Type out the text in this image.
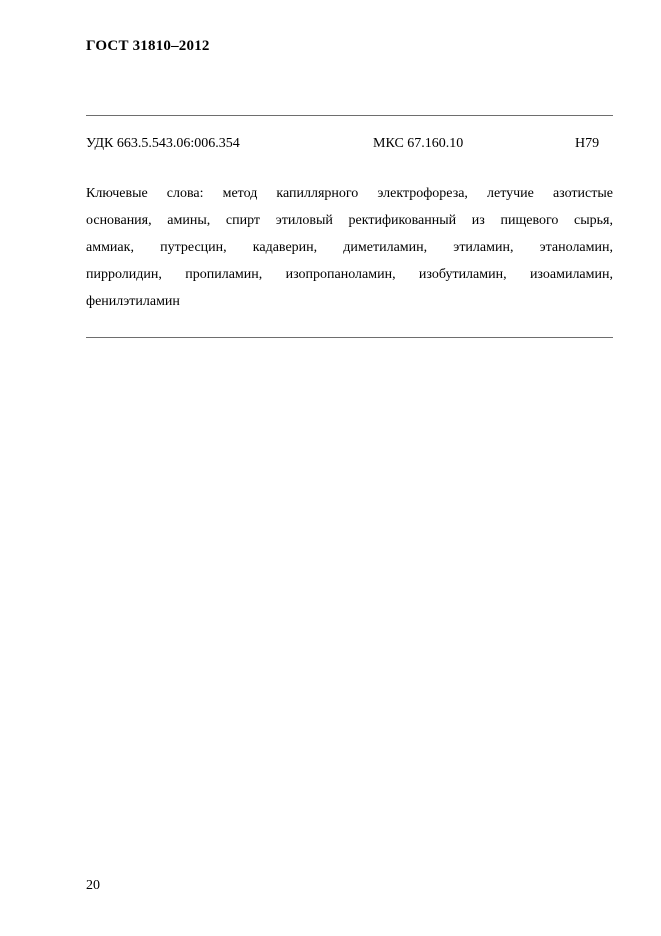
ГОСТ 31810–2012
УДК 663.5.543.06:006.354	МКС 67.160.10	Н79
Ключевые слова: метод капиллярного электрофореза, летучие азотистые
основания, амины, спирт этиловый ректификованный из пищевого сырья,
аммиак, путресцин, кадаверин, диметиламин, этиламин, этаноламин,
пирролидин, пропиламин, изопропаноламин, изобутиламин, изоамиламин,
фенилэтиламин
20
